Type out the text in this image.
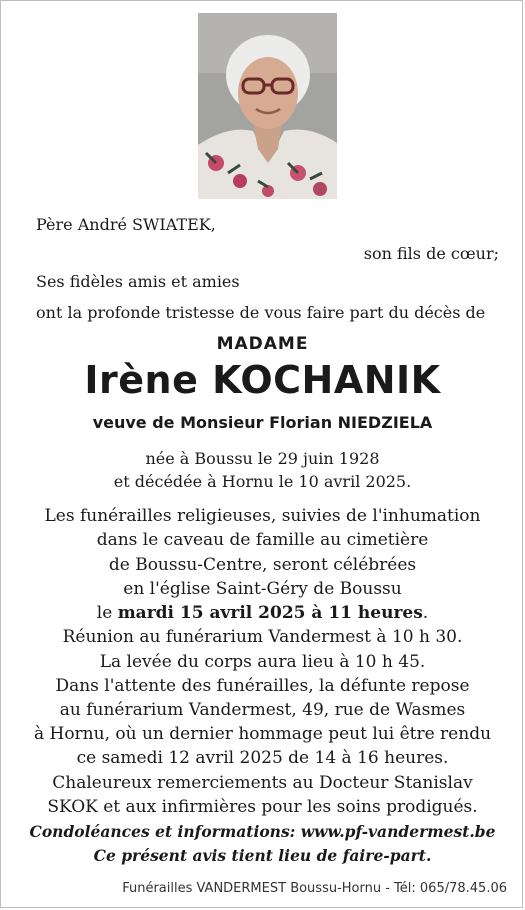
Père André SWIATEK,
son fils de cœur;
Ses fidèles amis et amies
ont la profonde tristesse de vous faire part du décès de
MADAME
Irène KOCHANIK
veuve de Monsieur Florian NIEDZIELA
née à Boussu le 29 juin 1928
et décédée à Hornu le 10 avril 2025.
Les funérailles religieuses, suivies de l'inhumation
dans le caveau de famille au cimetière
de Boussu-Centre, seront célébrées
en l'église Saint-Géry de Boussu
le mardi 15 avril 2025 à 11 heures.
Réunion au funérarium Vandermest à 10 h 30.
La levée du corps aura lieu à 10 h 45.
Dans l'attente des funérailles, la défunte repose
au funérarium Vandermest, 49, rue de Wasmes
à Hornu, où un dernier hommage peut lui être rendu
ce samedi 12 avril 2025 de 14 à 16 heures.
Chaleureux remerciements au Docteur Stanislav
SKOK et aux infirmières pour les soins prodigués.
Condoléances et informations: www.pf-vandermest.be
Ce présent avis tient lieu de faire-part.
Funérailles VANDERMEST Boussu-Hornu - Tél: 065/78.45.06
